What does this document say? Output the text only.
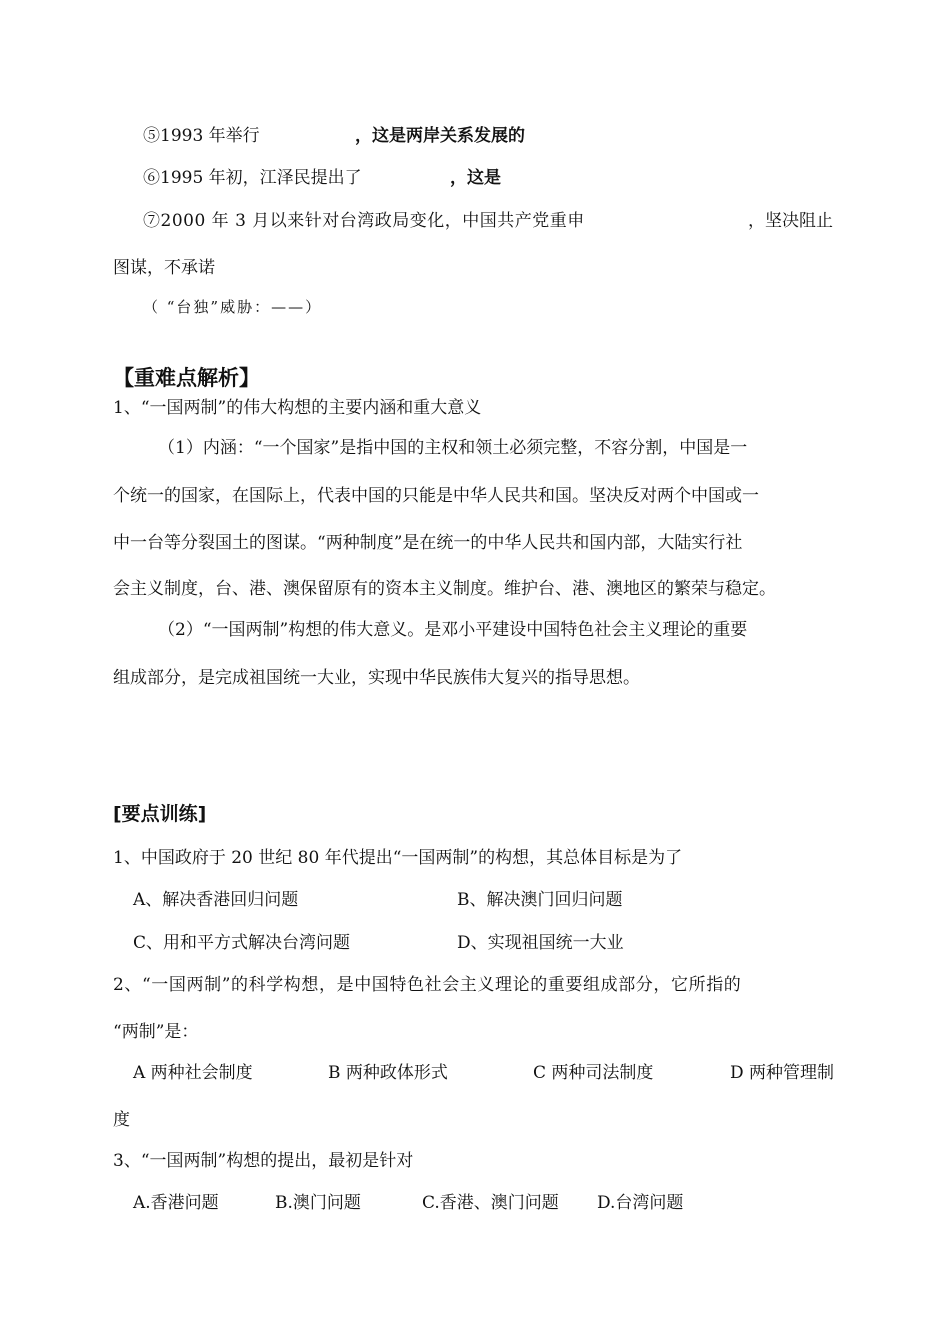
⑤1993 年举行	，这是两岸关系发展的
⑥1995 年初，江泽民提出了	，这是
⑦2000 年 3 月以来针对台湾政局变化，中国共产党重申	，坚决阻止
图谋，不承诺
（ “台独”威胁：——）
【重难点解析】
1、“一国两制”的伟大构想的主要内涵和重大意义
（1）内涵：“一个国家”是指中国的主权和领土必须完整，不容分割，中国是一
个统一的国家，在国际上，代表中国的只能是中华人民共和国。坚决反对两个中国或一
中一台等分裂国土的图谋。“两种制度”是在统一的中华人民共和国内部，大陆实行社
会主义制度，台、港、澳保留原有的资本主义制度。维护台、港、澳地区的繁荣与稳定。
（2）“一国两制”构想的伟大意义。是邓小平建设中国特色社会主义理论的重要
组成部分，是完成祖国统一大业，实现中华民族伟大复兴的指导思想。
[要点训练]
1、中国政府于 20 世纪 80 年代提出“一国两制”的构想，其总体目标是为了
A、解决香港回归问题	B、解决澳门回归问题
C、用和平方式解决台湾问题	D、实现祖国统一大业
2、“一国两制”的科学构想，是中国特色社会主义理论的重要组成部分，它所指的
“两制”是：
A 两种社会制度	B 两种政体形式	C 两种司法制度	D 两种管理制
度
3、“一国两制”构想的提出，最初是针对
A.香港问题	B.澳门问题	C.香港、澳门问题 D.台湾问题
